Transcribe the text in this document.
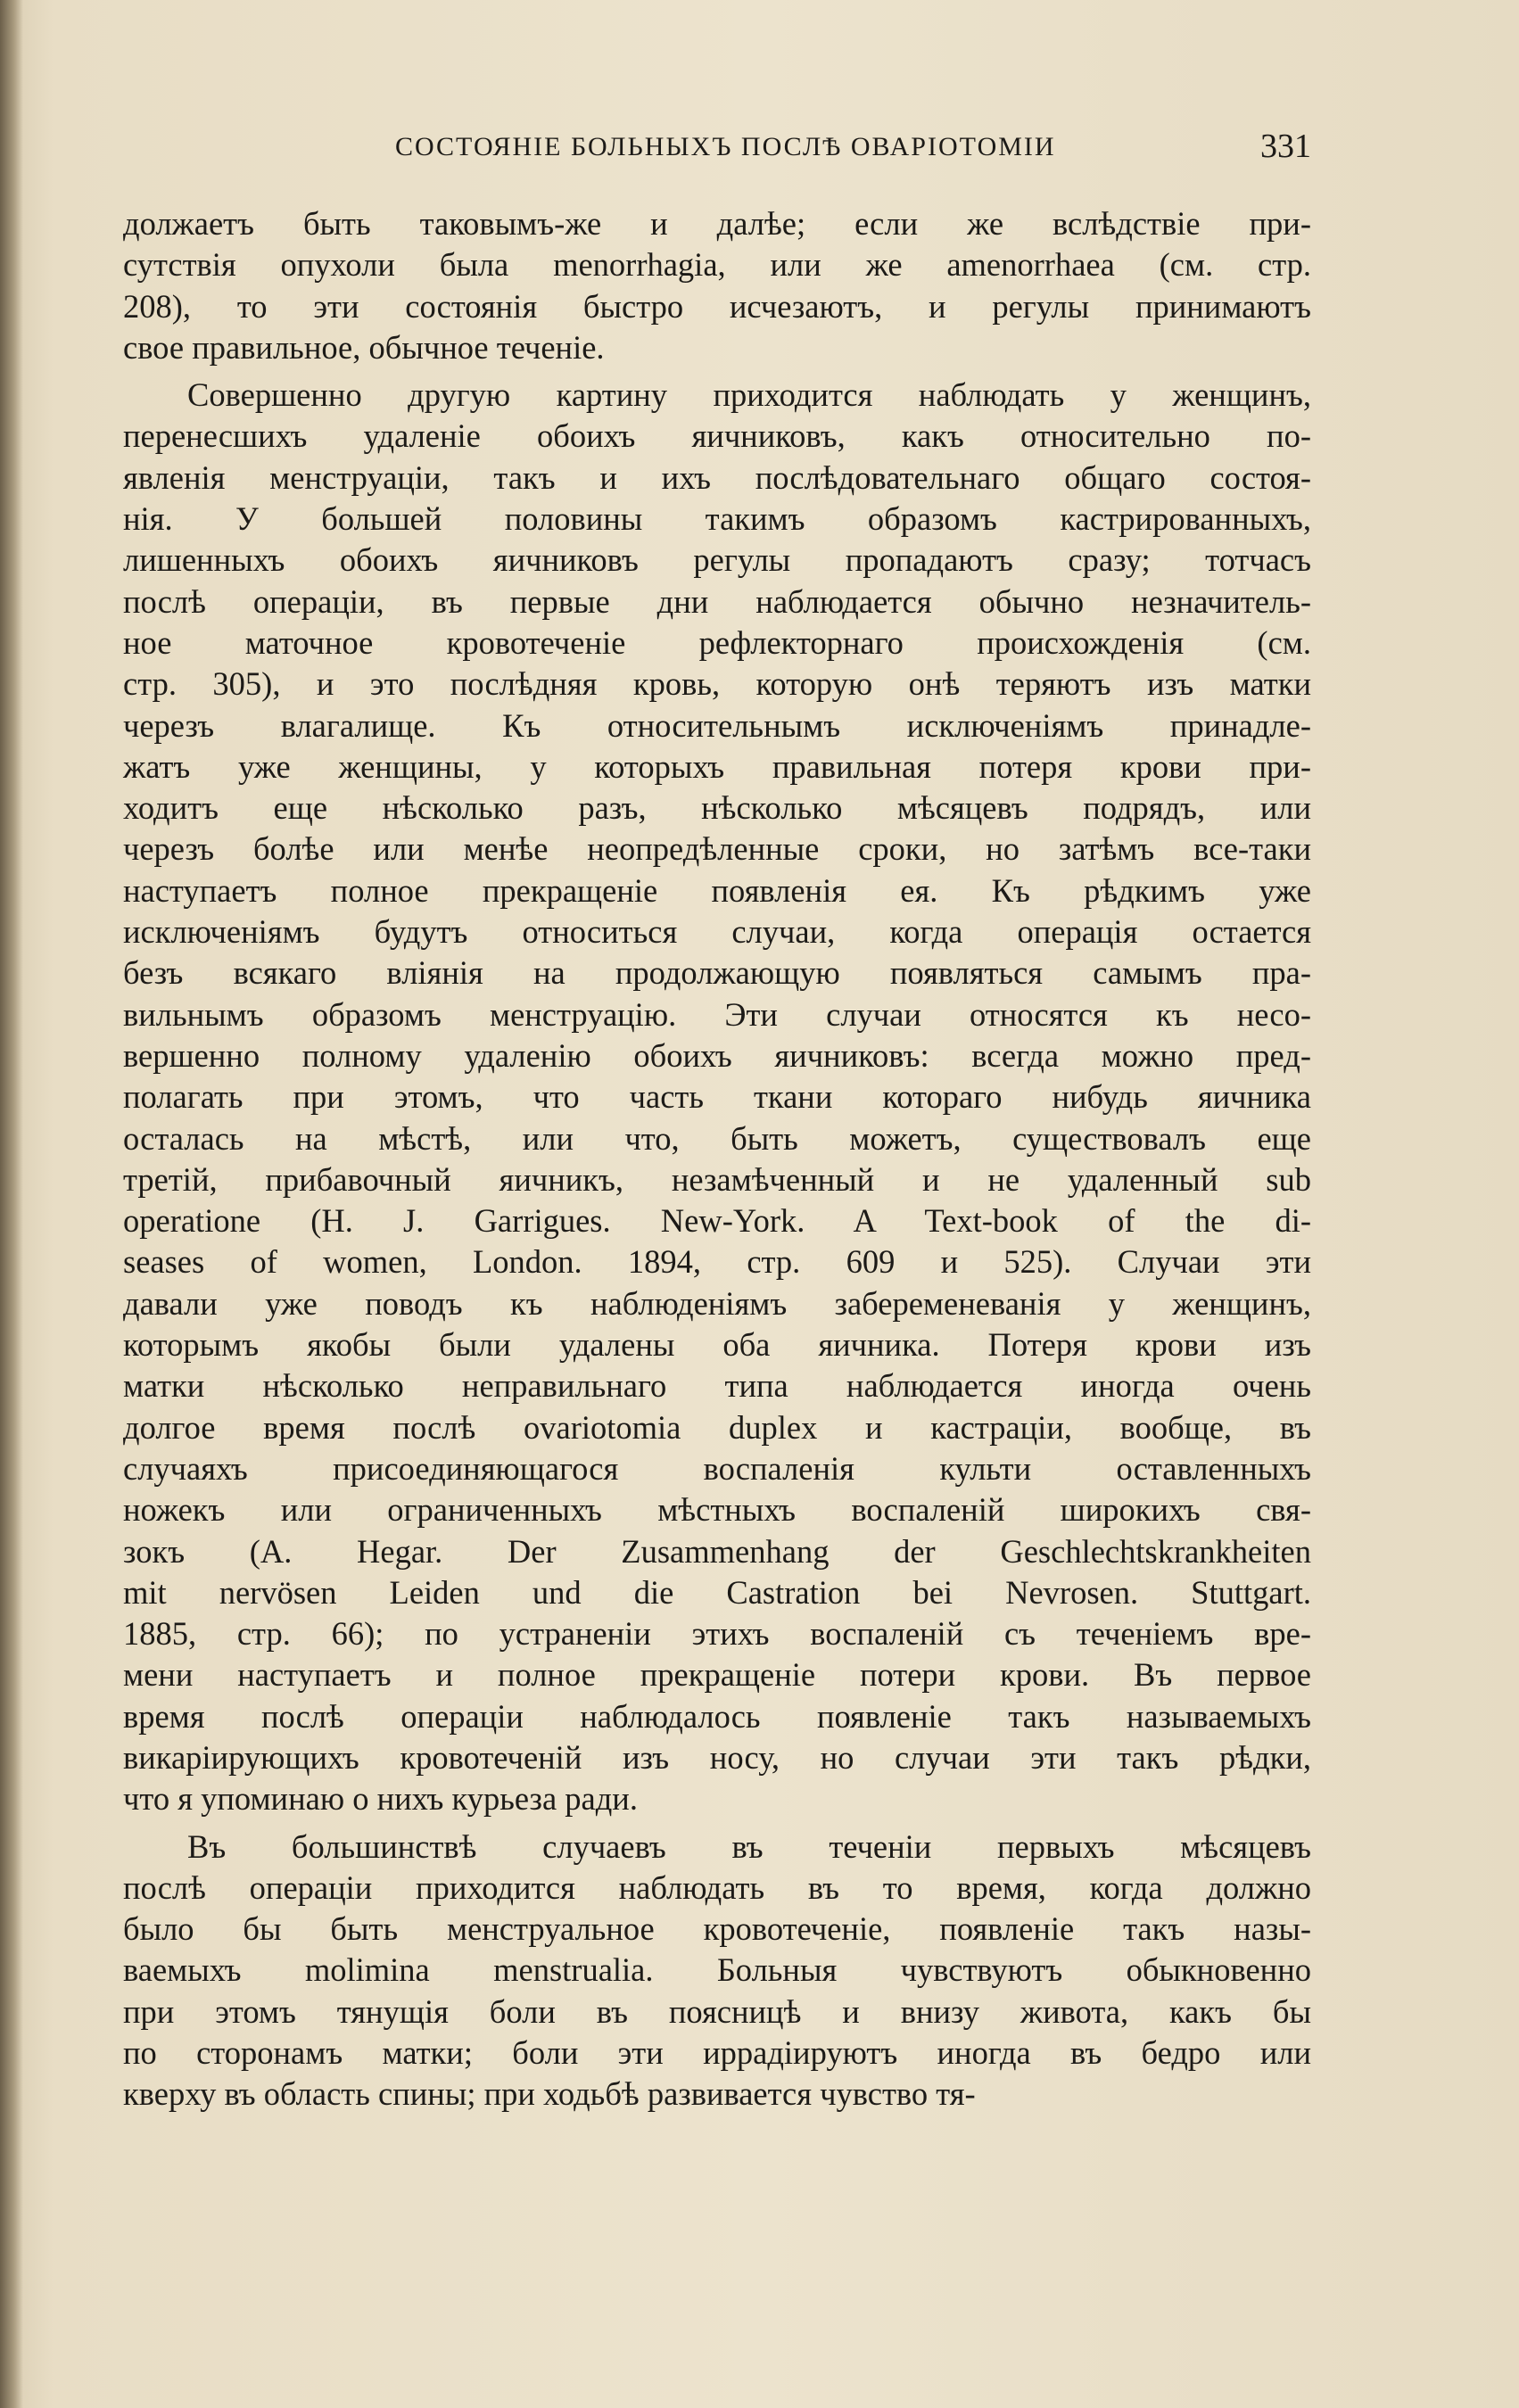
СОСТОЯНІЕ БОЛЬНЫХЪ ПОСЛѢ ОВАРІОТОМІИ	331
должаетъ быть таковымъ-же и далѣе; если же вслѣдствіе при-
сутствія опухоли была menorrhagia, или же amenorrhaea (см. стр.
208), то эти состоянія быстро исчезаютъ, и регулы принимаютъ
свое правильное, обычное теченіе.
Совершенно другую картину приходится наблюдать у женщинъ,
перенесшихъ удаленіе обоихъ яичниковъ, какъ относительно по-
явленія менструаціи, такъ и ихъ послѣдовательнаго общаго состоя-
нія. У большей половины такимъ образомъ кастрированныхъ,
лишенныхъ обоихъ яичниковъ регулы пропадаютъ сразу; тотчасъ
послѣ операціи, въ первые дни наблюдается обычно незначитель-
ное маточное кровотеченіе рефлекторнаго происхожденія (см.
стр. 305), и это послѣдняя кровь, которую онѣ теряютъ изъ матки
черезъ влагалище. Къ относительнымъ исключеніямъ принадле-
жатъ уже женщины, у которыхъ правильная потеря крови при-
ходитъ еще нѣсколько разъ, нѣсколько мѣсяцевъ подрядъ, или
черезъ болѣе или менѣе неопредѣленные сроки, но затѣмъ все-таки
наступаетъ полное прекращеніе появленія ея. Къ рѣдкимъ уже
исключеніямъ будутъ относиться случаи, когда операція остается
безъ всякаго вліянія на продолжающую появляться самымъ пра-
вильнымъ образомъ менструацію. Эти случаи относятся къ несо-
вершенно полному удаленію обоихъ яичниковъ: всегда можно пред-
полагать при этомъ, что часть ткани котораго нибудь яичника
осталась на мѣстѣ, или что, быть можетъ, существовалъ еще
третій, прибавочный яичникъ, незамѣченный и не удаленный sub
operatione (H. J. Garrigues. New-York. A Text-book of the di-
seases of women, London. 1894, стр. 609 и 525). Случаи эти
давали уже поводъ къ наблюденіямъ забеременеванія у женщинъ,
которымъ якобы были удалены оба яичника. Потеря крови изъ
матки нѣсколько неправильнаго типа наблюдается иногда очень
долгое время послѣ ovariotomia duplex и кастраціи, вообще, въ
случаяхъ присоединяющагося воспаленія культи оставленныхъ
ножекъ или ограниченныхъ мѣстныхъ воспаленій широкихъ свя-
зокъ (A. Hegar. Der Zusammenhang der Geschlechtskrankheiten
mit nervösen Leiden und die Castration bei Nevrosen. Stuttgart.
1885, стр. 66); по устраненіи этихъ воспаленій съ теченіемъ вре-
мени наступаетъ и полное прекращеніе потери крови. Въ первое
время послѣ операціи наблюдалось появленіе такъ называемыхъ
викаріирующихъ кровотеченій изъ носу, но случаи эти такъ рѣдки,
что я упоминаю о нихъ курьеза ради.
Въ большинствѣ случаевъ въ теченіи первыхъ мѣсяцевъ
послѣ операціи приходится наблюдать въ то время, когда должно
было бы быть менструальное кровотеченіе, появленіе такъ назы-
ваемыхъ molimina menstrualia. Больныя чувствуютъ обыкновенно
при этомъ тянущія боли въ поясницѣ и внизу живота, какъ бы
по сторонамъ матки; боли эти иррадіируютъ иногда въ бедро или
кверху въ область спины; при ходьбѣ развивается чувство тя-
